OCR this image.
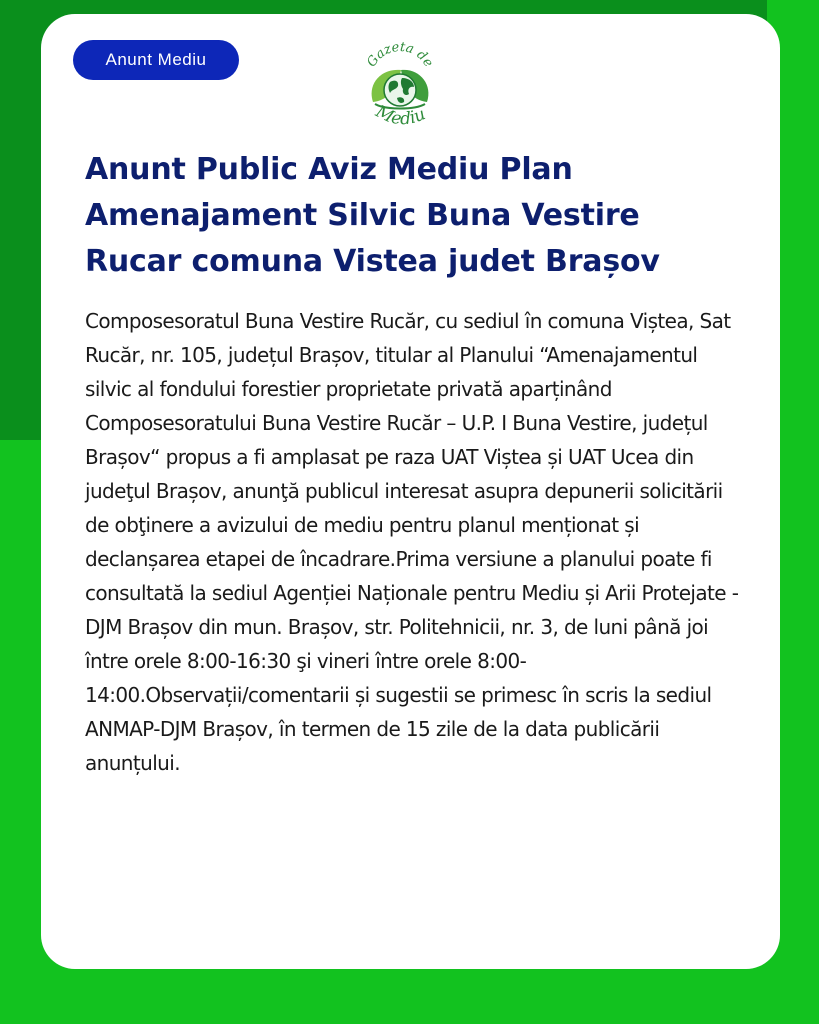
Anunt Mediu	Gazeta de
Mediu
Anunt Public Aviz Mediu Plan Amenajament Silvic Buna Vestire Rucar comuna Vistea judet Brașov

Composesoratul Buna Vestire Rucăr, cu sediul în comuna Viștea, Sat Rucăr, nr. 105, județul Brașov, titular al Planului “Amenajamentul silvic al fondului forestier proprietate privată aparținând Composesoratului Buna Vestire Rucăr – U.P. I Buna Vestire, județul Brașov“ propus a fi amplasat pe raza UAT Viștea și UAT Ucea din judeţul Brașov, anunţă publicul interesat asupra depunerii solicitării de obţinere a avizului de mediu pentru planul menționat și declanșarea etapei de încadrare.Prima versiune a planului poate fi consultată la sediul Agenției Naționale pentru Mediu și Arii Protejate - DJM Brașov din mun. Brașov, str. Politehnicii, nr. 3, de luni până joi între orele 8:00-16:30 şi vineri între orele 8:00-14:00.Observații/comentarii și sugestii se primesc în scris la sediul ANMAP-DJM Brașov, în termen de 15 zile de la data publicării anunțului.
